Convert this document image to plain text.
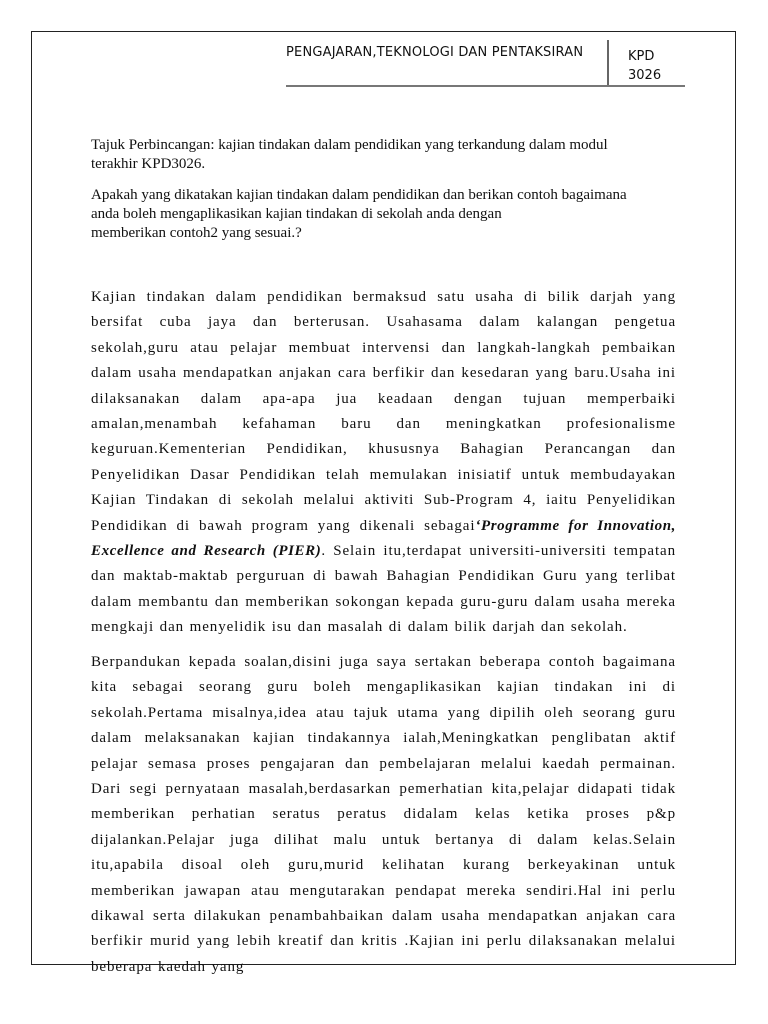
PENGAJARAN,TEKNOLOGI DAN PENTAKSIRAN	KPD
3026

Tajuk Perbincangan: kajian tindakan dalam pendidikan yang terkandung dalam modul

terakhir KPD3026.

Apakah yang dikatakan kajian tindakan dalam pendidikan dan berikan contoh bagaimana

anda boleh mengaplikasikan kajian tindakan di sekolah anda dengan

memberikan contoh2 yang sesuai.?

Kajian tindakan dalam pendidikan bermaksud satu usaha di bilik darjah yang bersifat cuba jaya dan berterusan. Usahasama dalam kalangan pengetua sekolah,guru atau pelajar membuat intervensi dan langkah-langkah pembaikan dalam usaha mendapatkan anjakan cara berfikir dan kesedaran yang baru.Usaha ini dilaksanakan dalam apa-apa jua keadaan dengan tujuan memperbaiki amalan,menambah kefahaman baru dan meningkatkan profesionalisme keguruan.Kementerian Pendidikan, khususnya Bahagian Perancangan dan Penyelidikan Dasar Pendidikan telah memulakan inisiatif untuk membudayakan Kajian Tindakan di sekolah melalui aktiviti Sub-Program 4, iaitu Penyelidikan Pendidikan di bawah program yang dikenali sebagai‘Programme for Innovation, Excellence and Research (PIER). Selain itu,terdapat universiti-universiti tempatan dan maktab-maktab perguruan di bawah Bahagian Pendidikan Guru yang terlibat dalam membantu dan memberikan sokongan kepada guru-guru dalam usaha mereka mengkaji dan menyelidik isu dan masalah di dalam bilik darjah dan sekolah.

Berpandukan kepada soalan,disini juga saya sertakan beberapa contoh bagaimana kita sebagai seorang guru boleh mengaplikasikan kajian tindakan ini di sekolah.Pertama misalnya,idea atau tajuk utama yang dipilih oleh seorang guru dalam melaksanakan kajian tindakannya ialah,Meningkatkan penglibatan aktif pelajar semasa proses pengajaran dan pembelajaran melalui kaedah permainan. Dari segi pernyataan masalah,berdasarkan pemerhatian kita,pelajar didapati tidak memberikan perhatian seratus peratus didalam kelas ketika proses p&p dijalankan.Pelajar juga dilihat malu untuk bertanya di dalam kelas.Selain itu,apabila disoal oleh guru,murid kelihatan kurang berkeyakinan untuk memberikan jawapan atau mengutarakan pendapat mereka sendiri.Hal ini perlu dikawal serta dilakukan penambahbaikan dalam usaha mendapatkan anjakan cara berfikir murid yang lebih kreatif dan kritis .Kajian ini perlu dilaksanakan melalui beberapa kaedah yang
